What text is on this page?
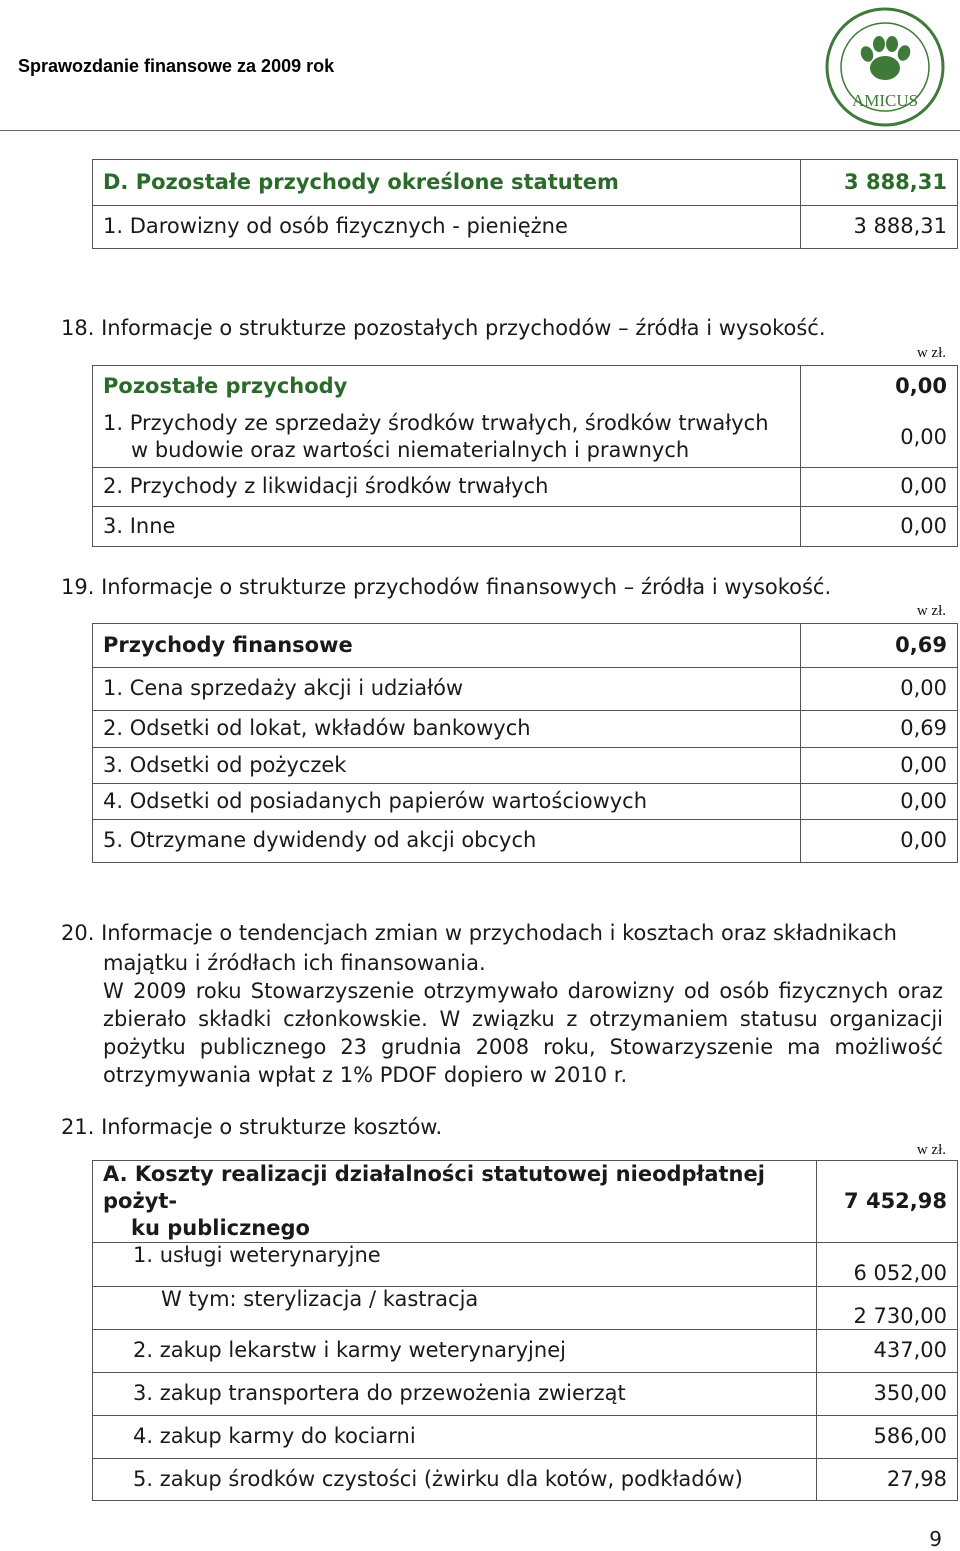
Sprawozdanie finansowe za 2009 rok
AMICUS
D. Pozostałe przychody określone statutem	3 888,31
1. Darowizny od osób fizycznych - pieniężne	3 888,31
18. Informacje o strukturze pozostałych przychodów – źródła i wysokość.
w zł.
Pozostałe przychody	0,00

1. Przychody ze sprzedaży środków trwałych, środków trwałych
w budowie oraz wartości niematerialnych i prawnych	0,00
2. Przychody z likwidacji środków trwałych	0,00
3. Inne	0,00
19. Informacje o strukturze przychodów finansowych – źródła i wysokość.
w zł.
Przychody finansowe	0,69
1. Cena sprzedaży akcji i udziałów	0,00
2. Odsetki od lokat, wkładów bankowych	0,69
3. Odsetki od pożyczek	0,00
4. Odsetki od posiadanych papierów wartościowych	0,00
5. Otrzymane dywidendy od akcji obcych	0,00
20. Informacje o tendencjach zmian w przychodach i kosztach oraz składnikach
majątku i źródłach ich finansowania.
W 2009 roku Stowarzyszenie otrzymywało darowizny od osób fizycznych oraz zbierało składki członkowskie. W związku z otrzymaniem statusu organizacji pożytku publicznego 23 grudnia 2008 roku, Stowarzyszenie ma możliwość otrzymywania wpłat z 1% PDOF dopiero w 2010 r.
21. Informacje o strukturze kosztów.
w zł.
A. Koszty realizacji działalności statutowej nieodpłatnej pożyt-
ku publicznego	7 452,98
1. usługi weterynaryjne	6 052,00
W tym: sterylizacja / kastracja	2 730,00
2. zakup lekarstw i karmy weterynaryjnej	437,00
3. zakup transportera do przewożenia zwierząt	350,00
4. zakup karmy do kociarni	586,00
5. zakup środków czystości (żwirku dla kotów, podkładów)	27,98
9
